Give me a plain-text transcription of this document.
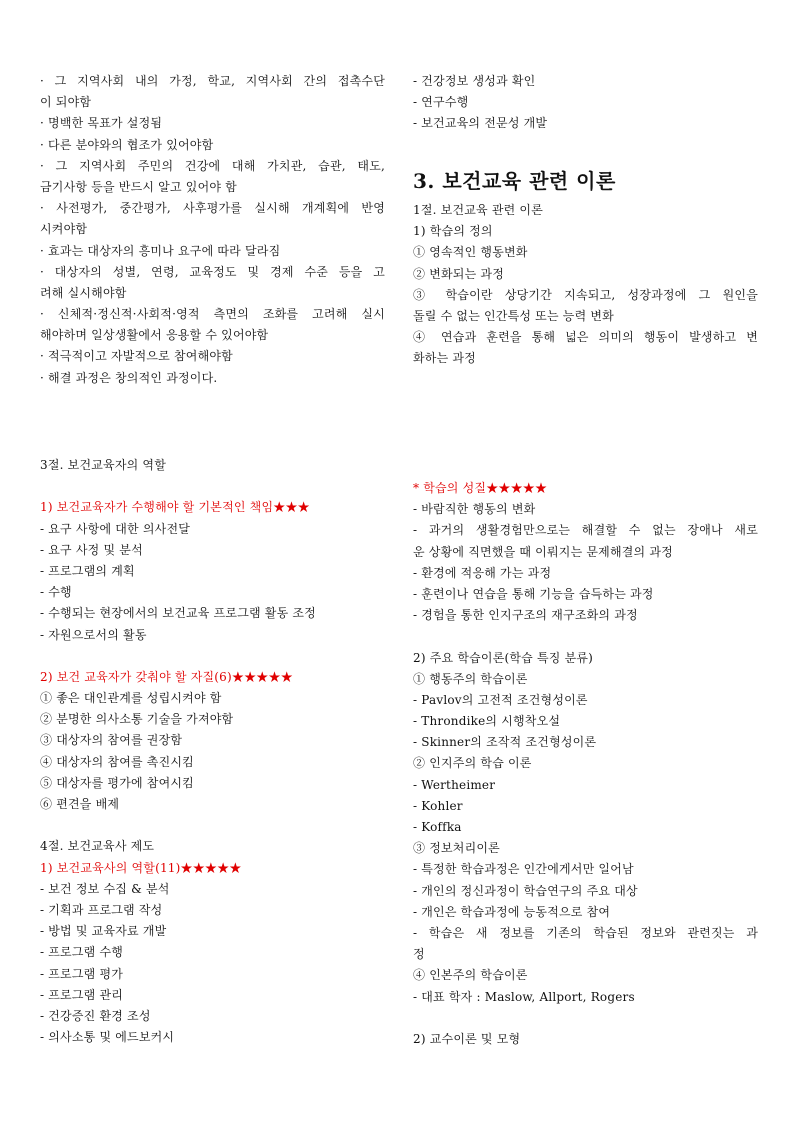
· 그 지역사회 내의 가정, 학교, 지역사회 간의 접촉수단
이 되야함
· 명백한 목표가 설정됨
· 다른 분야와의 협조가 있어야함
· 그 지역사회 주민의 건강에 대해 가치관, 습관, 태도,
금기사항 등을 반드시 알고 있어야 함
· 사전평가, 중간평가, 사후평가를 실시해 개계획에 반영
시켜야함
· 효과는 대상자의 흥미나 요구에 따라 달라짐
· 대상자의 성별, 연령, 교육정도 및 경제 수준 등을 고
려해 실시해야함
· 신체적·정신적·사회적·영적 측면의 조화를 고려해 실시
해야하며 일상생활에서 응용할 수 있어야함
· 적극적이고 자발적으로 참여해야함
· 해결 과정은 창의적인 과정이다.
3절. 보건교육자의 역할
1) 보건교육자가 수행해야 할 기본적인 책임★★★
- 요구 사항에 대한 의사전달
- 요구 사정 및 분석
- 프로그램의 계획
- 수행
- 수행되는 현장에서의 보건교육 프로그램 활동 조정
- 자원으로서의 활동
2) 보건 교육자가 갖춰야 할 자질(6)★★★★★
① 좋은 대인관계를 성립시켜야 함
② 분명한 의사소통 기술을 가져야함
③ 대상자의 참여를 권장함
④ 대상자의 참여를 촉진시킴
⑤ 대상자를 평가에 참여시킴
⑥ 편견을 배제
4절. 보건교육사 제도
1) 보건교육사의 역할(11)★★★★★
- 보건 정보 수집 & 분석
- 기획과 프로그램 작성
- 방법 및 교육자료 개발
- 프로그램 수행
- 프로그램 평가
- 프로그램 관리
- 건강증진 환경 조성
- 의사소통 및 에드보커시
- 건강정보 생성과 확인
- 연구수행
- 보건교육의 전문성 개발
3. 보건교육 관련 이론
1절. 보건교육 관련 이론
1) 학습의 정의
① 영속적인 행동변화
② 변화되는 과정
③ 학습이란 상당기간 지속되고, 성장과정에 그 원인을
돌릴 수 없는 인간특성 또는 능력 변화
④ 연습과 훈련을 통해 넓은 의미의 행동이 발생하고 변
화하는 과정
* 학습의 성질★★★★★
- 바람직한 행동의 변화
- 과거의 생활경험만으로는 해결할 수 없는 장애나 새로
운 상황에 직면했을 때 이뤄지는 문제해결의 과정
- 환경에 적응해 가는 과정
- 훈련이나 연습을 통해 기능을 습득하는 과정
- 경험을 통한 인지구조의 재구조화의 과정
2) 주요 학습이론(학습 특징 분류)
① 행동주의 학습이론
- Pavlov의 고전적 조건형성이론
- Throndike의 시행착오설
- Skinner의 조작적 조건형성이론
② 인지주의 학습 이론
- Wertheimer
- Kohler
- Koffka
③ 정보처리이론
- 특정한 학습과정은 인간에게서만 일어남
- 개인의 정신과정이 학습연구의 주요 대상
- 개인은 학습과정에 능동적으로 참여
- 학습은 새 정보를 기존의 학습된 정보와 관련짓는 과
정
④ 인본주의 학습이론
- 대표 학자 : Maslow, Allport, Rogers
2) 교수이론 및 모형
